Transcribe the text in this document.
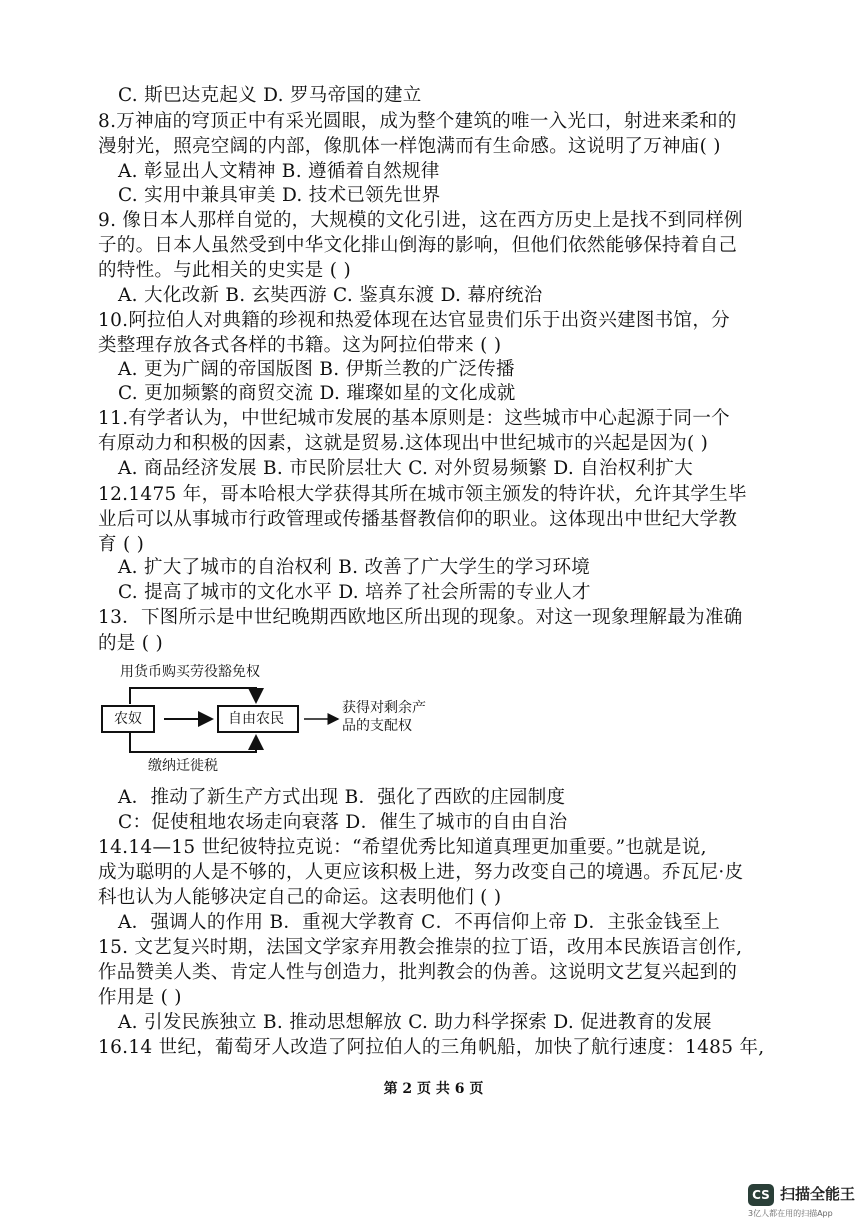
C. 斯巴达克起义 D. 罗马帝国的建立
8.万神庙的穹顶正中有采光圆眼，成为整个建筑的唯一入光口，射进来柔和的
漫射光，照亮空阔的内部，像肌体一样饱满而有生命感。这说明了万神庙( )
A. 彰显出人文精神 B. 遵循着自然规律
C. 实用中兼具审美 D. 技术已领先世界
9. 像日本人那样自觉的，大规模的文化引进，这在西方历史上是找不到同样例
子的。日本人虽然受到中华文化排山倒海的影响，但他们依然能够保持着自己
的特性。与此相关的史实是 ( )
A. 大化改新 B. 玄奘西游 C. 鉴真东渡 D. 幕府统治
10.阿拉伯人对典籍的珍视和热爱体现在达官显贵们乐于出资兴建图书馆，分
类整理存放各式各样的书籍。这为阿拉伯带来 ( )
A. 更为广阔的帝国版图 B. 伊斯兰教的广泛传播
C. 更加频繁的商贸交流 D. 璀璨如星的文化成就
11.有学者认为，中世纪城市发展的基本原则是：这些城市中心起源于同一个
有原动力和积极的因素，这就是贸易.这体现出中世纪城市的兴起是因为( )
A. 商品经济发展 B. 市民阶层壮大 C. 对外贸易频繁 D. 自治权利扩大
12.1475 年，哥本哈根大学获得其所在城市领主颁发的特许状，允许其学生毕
业后可以从事城市行政管理或传播基督教信仰的职业。这体现出中世纪大学教
育 ( )
A. 扩大了城市的自治权利 B. 改善了广大学生的学习环境
C. 提高了城市的文化水平 D. 培养了社会所需的专业人才
13．下图所示是中世纪晚期西欧地区所出现的现象。对这一现象理解最为准确
的是 ( )
用货币购买劳役豁免权
农奴	自由农民
获得对剩余产
品的支配权
缴纳迁徙税
A．推动了新生产方式出现 B．强化了西欧的庄园制度
C：促使租地农场走向衰落 D．催生了城市的自由自治
14.14—15 世纪彼特拉克说：“希望优秀比知道真理更加重要。”也就是说,
成为聪明的人是不够的，人更应该积极上进，努力改变自己的境遇。乔瓦尼·皮
科也认为人能够决定自己的命运。这表明他们 ( )
A．强调人的作用 B．重视大学教育 C．不再信仰上帝 D．主张金钱至上
15. 文艺复兴时期，法国文学家弃用教会推崇的拉丁语，改用本民族语言创作,
作品赞美人类、肯定人性与创造力，批判教会的伪善。这说明文艺复兴起到的
作用是 ( )
A. 引发民族独立 B. 推动思想解放 C. 助力科学探索 D. 促进教育的发展
16.14 世纪，葡萄牙人改造了阿拉伯人的三角帆船，加快了航行速度：1485 年,
第 2 页 共 6 页
CS 扫描全能王
3亿人都在用的扫描App
